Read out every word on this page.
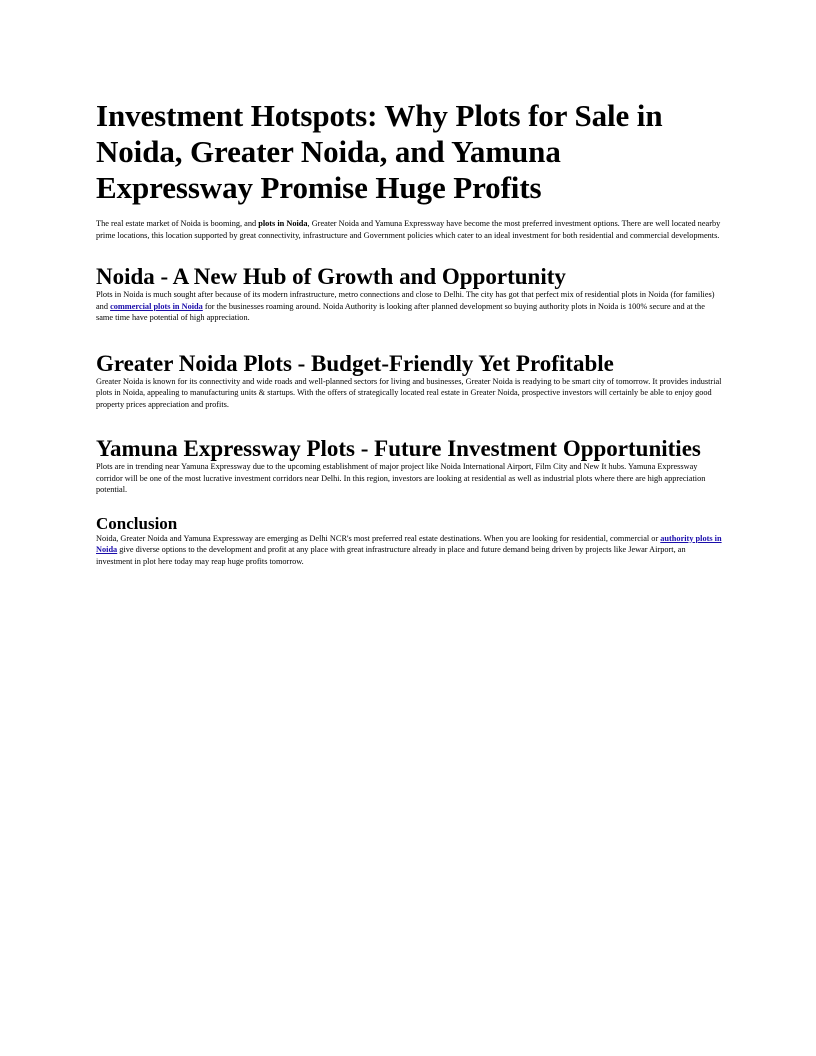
Investment Hotspots: Why Plots for Sale in Noida, Greater Noida, and Yamuna Expressway Promise Huge Profits

The real estate market of Noida is booming, and plots in Noida, Greater Noida and Yamuna Expressway have become the most preferred investment options. There are well located nearby prime locations, this location supported by great connectivity, infrastructure and Government policies which cater to an ideal investment for both residential and commercial developments.

Noida - A New Hub of Growth and Opportunity

Plots in Noida is much sought after because of its modern infrastructure, metro connections and close to Delhi. The city has got that perfect mix of residential plots in Noida (for families) and commercial plots in Noida for the businesses roaming around. Noida Authority is looking after planned development so buying authority plots in Noida is 100% secure and at the same time have potential of high appreciation.

Greater Noida Plots - Budget-Friendly Yet Profitable

Greater Noida is known for its connectivity and wide roads and well-planned sectors for living and businesses, Greater Noida is readying to be smart city of tomorrow. It provides industrial plots in Noida, appealing to manufacturing units & startups. With the offers of strategically located real estate in Greater Noida, prospective investors will certainly be able to enjoy good property prices appreciation and profits.

Yamuna Expressway Plots - Future Investment Opportunities

Plots are in trending near Yamuna Expressway due to the upcoming establishment of major project like Noida International Airport, Film City and New It hubs. Yamuna Expressway corridor will be one of the most lucrative investment corridors near Delhi. In this region, investors are looking at residential as well as industrial plots where there are high appreciation potential.

Conclusion

Noida, Greater Noida and Yamuna Expressway are emerging as Delhi NCR's most preferred real estate destinations. When you are looking for residential, commercial or authority plots in Noida give diverse options to the development and profit at any place with great infrastructure already in place and future demand being driven by projects like Jewar Airport, an investment in plot here today may reap huge profits tomorrow.
